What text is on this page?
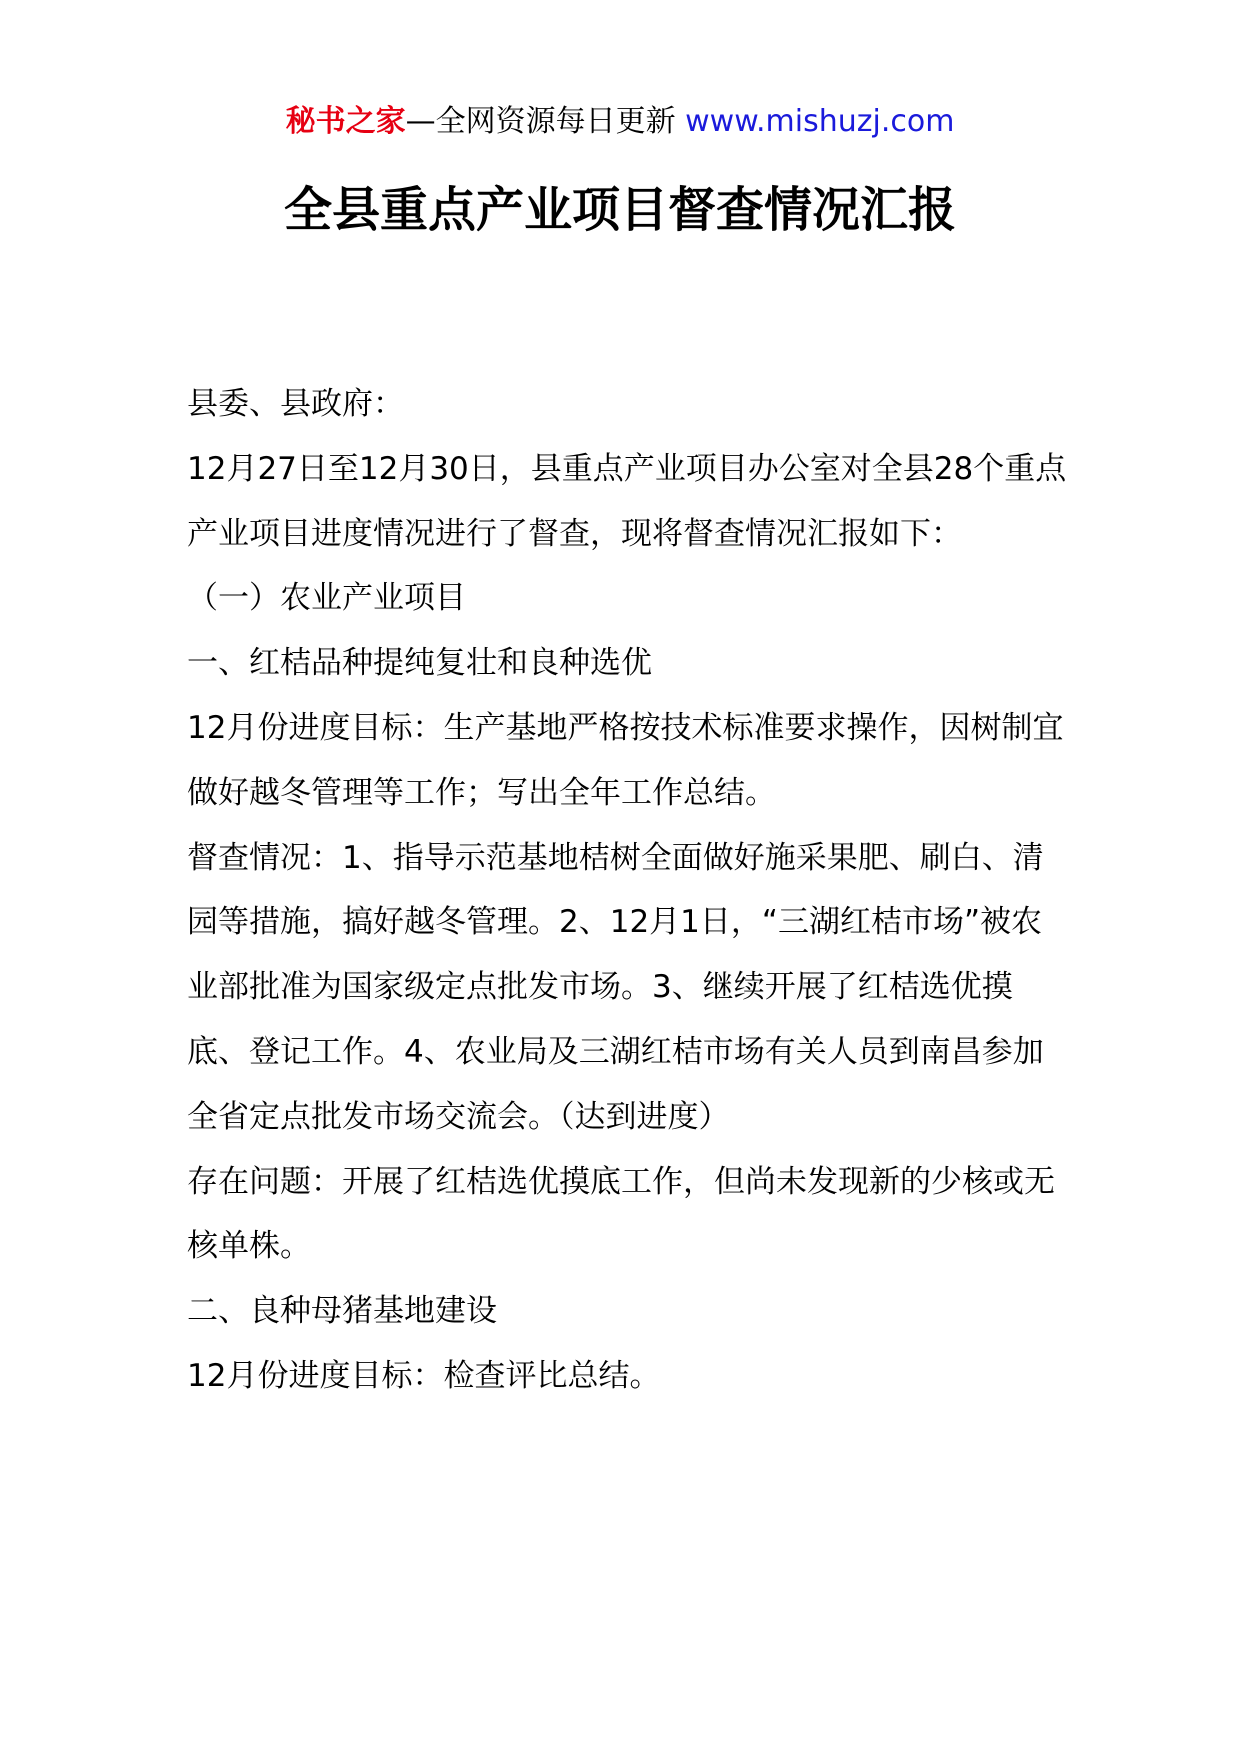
秘书之家—全网资源每日更新 www.mishuzj.com
全县重点产业项目督查情况汇报

县委、县政府：

12月27日至12月30日，县重点产业项目办公室对全县28个重点产业项目进度情况进行了督查，现将督查情况汇报如下：

（一）农业产业项目

一、红桔品种提纯复壮和良种选优

12月份进度目标：生产基地严格按技术标准要求操作，因树制宜做好越冬管理等工作；写出全年工作总结。

督查情况：1、指导示范基地桔树全面做好施采果肥、刷白、清园等措施，搞好越冬管理。2、12月1日，“三湖红桔市场”被农业部批准为国家级定点批发市场。3、继续开展了红桔选优摸底、登记工作。4、农业局及三湖红桔市场有关人员到南昌参加全省定点批发市场交流会。（达到进度）

存在问题：开展了红桔选优摸底工作，但尚未发现新的少核或无核单株。

二、良种母猪基地建设

12月份进度目标：检查评比总结。
